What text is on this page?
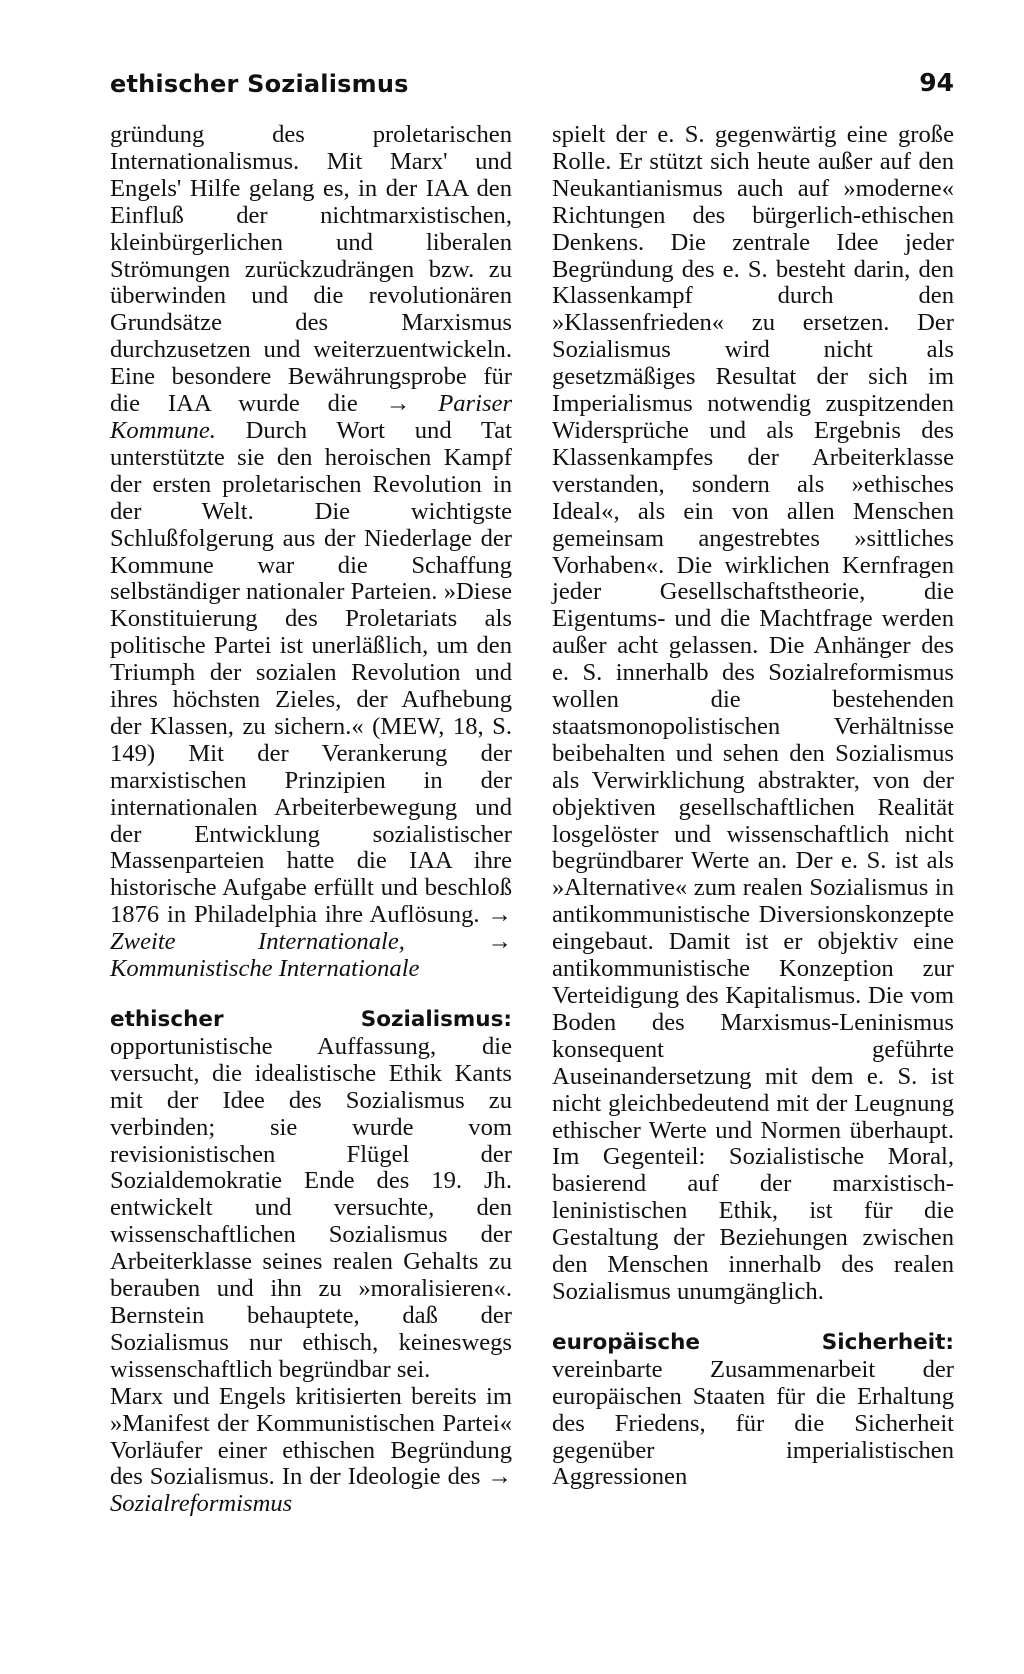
ethischer Sozialismus	94

gründung des proletarischen Internationalismus. Mit Marx' und Engels' Hilfe gelang es, in der IAA den Einfluß der nichtmarxistischen, kleinbürgerlichen und liberalen Strömungen zurückzudrängen bzw. zu überwinden und die revolutionären Grundsätze des Marxismus durchzusetzen und weiterzuentwickeln. Eine besondere Bewährungsprobe für die IAA wurde die → Pariser Kommune. Durch Wort und Tat unterstützte sie den heroischen Kampf der ersten proletarischen Revolution in der Welt. Die wichtigste Schlußfolgerung aus der Niederlage der Kommune war die Schaffung selbständiger nationaler Parteien. »Diese Konstituierung des Proletariats als politische Partei ist unerläßlich, um den Triumph der sozialen Revolution und ihres höchsten Zieles, der Aufhebung der Klassen, zu sichern.« (MEW, 18, S. 149) Mit der Verankerung der marxistischen Prinzipien in der internationalen Arbeiterbewegung und der Entwicklung sozialistischer Massenparteien hatte die IAA ihre historische Aufgabe erfüllt und beschloß 1876 in Philadelphia ihre Auflösung. → Zweite Internationale,	→ Kommunistische Internationale

ethischer Sozialismus: opportunistische Auffassung, die versucht, die idealistische Ethik Kants mit der Idee des Sozialismus zu verbinden; sie wurde vom revisionistischen Flügel der Sozialdemokratie Ende des 19. Jh. entwickelt und versuchte, den wissenschaftlichen Sozialismus der Arbeiterklasse seines realen Gehalts zu berauben und ihn zu »moralisieren«. Bernstein behauptete, daß der Sozialismus nur ethisch, keineswegs wissenschaftlich begründbar sei.

Marx und Engels kritisierten bereits im »Manifest der Kommunistischen Partei« Vorläufer einer ethischen Begründung des Sozialismus. In der Ideologie des → Sozialreformismus

spielt der e. S. gegenwärtig eine große Rolle. Er stützt sich heute außer auf den Neukantianismus auch auf »moderne« Richtungen des bürgerlich-ethischen Denkens. Die zentrale Idee jeder Begründung des e. S. besteht darin, den Klassenkampf durch den »Klassenfrieden« zu ersetzen. Der Sozialismus wird nicht als gesetzmäßiges Resultat der sich im Imperialismus notwendig zuspitzenden Widersprüche und als Ergebnis des Klassenkampfes der Arbeiterklasse verstanden, sondern als »ethisches Ideal«, als ein von allen Menschen gemeinsam angestrebtes »sittliches Vorhaben«. Die wirklichen Kernfragen jeder Gesellschaftstheorie, die Eigentums- und die Machtfrage werden außer acht gelassen. Die Anhänger des e. S. innerhalb des Sozialreformismus wollen die bestehenden staatsmonopolistischen Verhältnisse beibehalten und sehen den Sozialismus als Verwirklichung abstrakter, von der objektiven gesellschaftlichen Realität losgelöster und wissenschaftlich nicht begründbarer Werte an. Der e. S. ist als »Alternative« zum realen Sozialismus in antikommunistische Diversionskonzepte eingebaut. Damit ist er objektiv eine antikommunistische Konzeption zur Verteidigung des Kapitalismus. Die vom Boden des Marxismus-Leninismus konsequent geführte Auseinandersetzung mit dem e. S. ist nicht gleichbedeutend mit der Leugnung ethischer Werte und Normen überhaupt. Im Gegenteil: Sozialistische Moral, basierend auf der marxistisch-leninistischen Ethik, ist für die Gestaltung der Beziehungen zwischen den Menschen innerhalb des realen Sozialismus unumgänglich.

europäische Sicherheit: vereinbarte Zusammenarbeit der europäischen Staaten für die Erhaltung des Friedens, für die Sicherheit gegenüber imperialistischen Aggressionen
